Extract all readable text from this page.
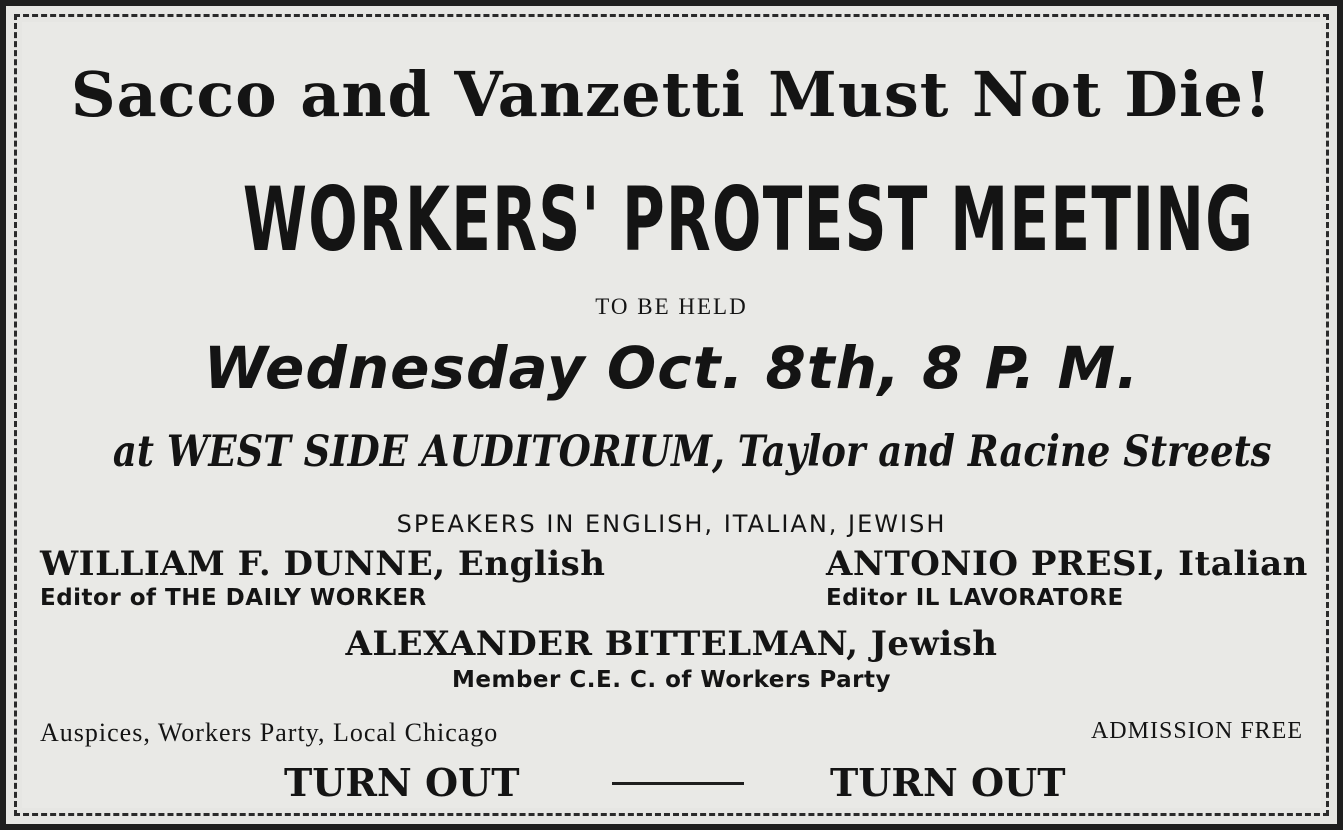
Sacco and Vanzetti Must Not Die!
WORKERS' PROTEST MEETING
TO BE HELD
Wednesday Oct. 8th, 8 P. M.
at WEST SIDE AUDITORIUM, Taylor and Racine Streets
SPEAKERS IN ENGLISH, ITALIAN, JEWISH
WILLIAM F. DUNNE, English
Editor of THE DAILY WORKER
ANTONIO PRESI, Italian
Editor IL LAVORATORE
ALEXANDER BITTELMAN, Jewish
Member C.E. C. of Workers Party
Auspices, Workers Party, Local Chicago	ADMISSION FREE
TURN OUT	TURN OUT
